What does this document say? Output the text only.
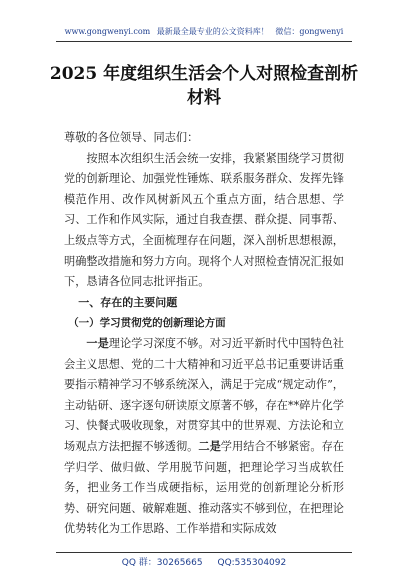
www.gongwenyi.com 最新最全最专业的公文资料库！ 微信：gongwenyi
2025 年度组织生活会个人对照检查剖析
材料

尊敬的各位领导、同志们：

按照本次组织生活会统一安排，我紧紧围绕学习贯彻党的创新理论、加强党性锤炼、联系服务群众、发挥先锋模范作用、改作风树新风五个重点方面，结合思想、学习、工作和作风实际，通过自我查摆、群众提、同事帮、上级点等方式，全面梳理存在问题，深入剖析思想根源，明确整改措施和努力方向。现将个人对照检查情况汇报如下，恳请各位同志批评指正。

一、存在的主要问题

（一）学习贯彻党的创新理论方面

一是理论学习深度不够。对习近平新时代中国特色社会主义思想、党的二十大精神和习近平总书记重要讲话重要指示精神学习不够系统深入，满足于完成“规定动作”，主动钻研、逐字逐句研读原文原著不够，存在**碎片化学习、快餐式吸收现象，对贯穿其中的世界观、方法论和立场观点方法把握不够透彻。二是学用结合不够紧密。存在学归学、做归做、学用脱节问题，把理论学习当成软任务，把业务工作当成硬指标，运用党的创新理论分析形势、研究问题、破解难题、推动落实不够到位，在把理论优势转化为工作思路、工作举措和实际成效

QQ 群：30265665 QQ:535304092
